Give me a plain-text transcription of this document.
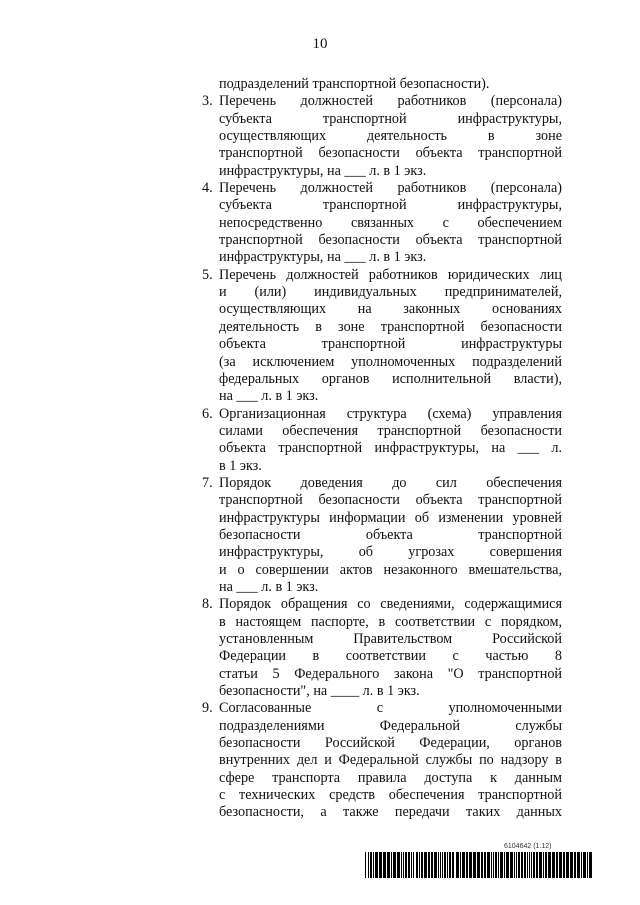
10
подразделений транспортной безопасности).
3. Перечень должностей работников (персонала)
субъекта транспортной инфраструктуры,
осуществляющих деятельность в зоне
транспортной безопасности объекта транспортной
инфраструктуры, на ___ л. в 1 экз.
4. Перечень должностей работников (персонала)
субъекта транспортной инфраструктуры,
непосредственно связанных с обеспечением
транспортной безопасности объекта транспортной
инфраструктуры, на ___ л. в 1 экз.
5. Перечень должностей работников юридических лиц
и (или) индивидуальных предпринимателей,
осуществляющих на законных основаниях
деятельность в зоне транспортной безопасности
объекта транспортной инфраструктуры
(за исключением уполномоченных подразделений
федеральных органов исполнительной власти),
на ___ л. в 1 экз.
6. Организационная структура (схема) управления
силами обеспечения транспортной безопасности
объекта транспортной инфраструктуры, на ___ л.
в 1 экз.
7. Порядок доведения до сил обеспечения
транспортной безопасности объекта транспортной
инфраструктуры информации об изменении уровней
безопасности объекта транспортной
инфраструктуры, об угрозах совершения
и о совершении актов незаконного вмешательства,
на ___ л. в 1 экз.
8. Порядок обращения со сведениями, содержащимися
в настоящем паспорте, в соответствии с порядком,
установленным Правительством Российской
Федерации в соответствии с частью 8
статьи 5 Федерального закона "О транспортной
безопасности", на ____ л. в 1 экз.
9. Согласованные с уполномоченными
подразделениями Федеральной службы
безопасности Российской Федерации, органов
внутренних дел и Федеральной службы по надзору в
сфере транспорта правила доступа к данным
с технических средств обеспечения транспортной
безопасности, а также передачи таких данных
6104642 (1.12)
